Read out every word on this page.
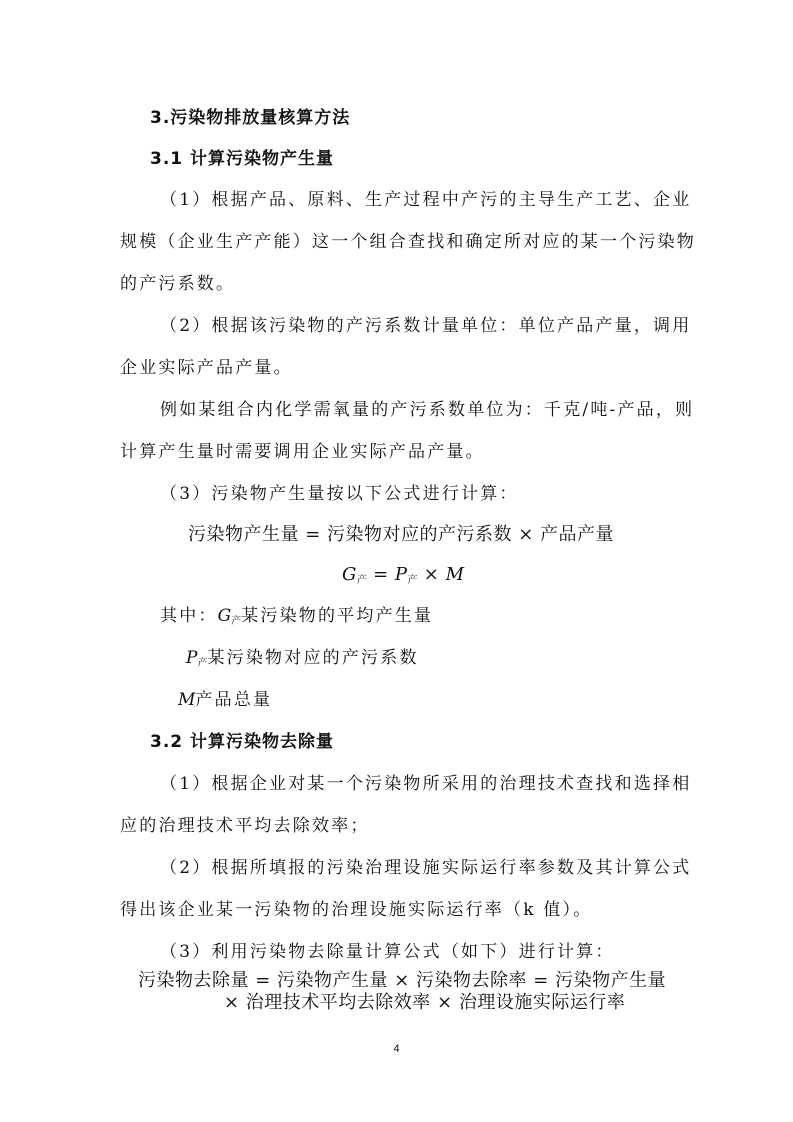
3.污染物排放量核算方法
3.1 计算污染物产生量
（1）根据产品、原料、生产过程中产污的主导生产工艺、企业
规模（企业生产产能）这一个组合查找和确定所对应的某一个污染物
的产污系数。
（2）根据该污染物的产污系数计量单位：单位产品产量，调用
企业实际产品产量。
例如某组合内化学需氧量的产污系数单位为：千克/吨-产品，则
计算产生量时需要调用企业实际产品产量。
（3）污染物产生量按以下公式进行计算：
污染物产生量 = 污染物对应的产污系数 × 产品产量
$G_产 = P_产 \times M$
其中：$G_产$某污染物的平均产生量
$P_产$某污染物对应的产污系数
M产品总量
3.2 计算污染物去除量
（1）根据企业对某一个污染物所采用的治理技术查找和选择相
应的治理技术平均去除效率；
（2）根据所填报的污染治理设施实际运行率参数及其计算公式
得出该企业某一污染物的治理设施实际运行率（k 值）。
（3）利用污染物去除量计算公式（如下）进行计算：
污染物去除量 = 污染物产生量 × 污染物去除率 = 污染物产生量
× 治理技术平均去除效率 × 治理设施实际运行率
4
